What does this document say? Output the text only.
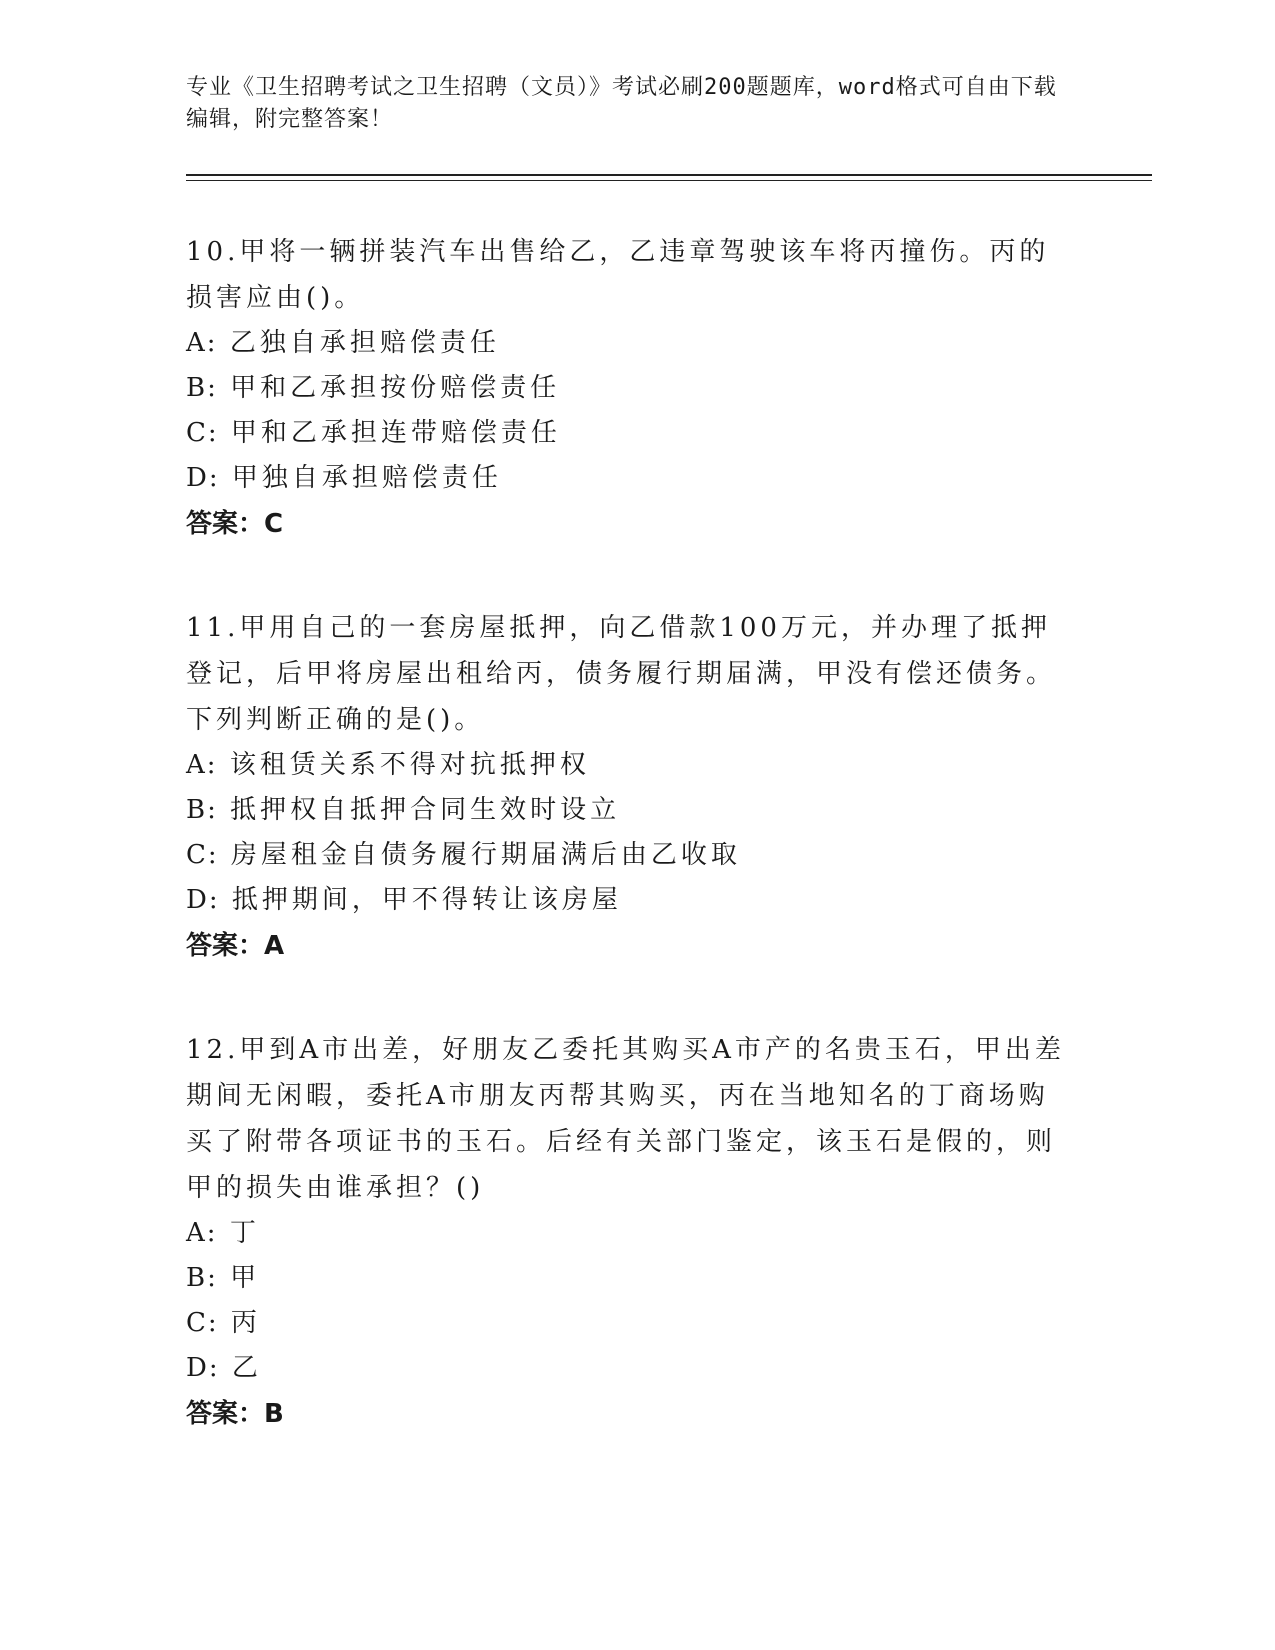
专业《卫生招聘考试之卫生招聘（文员）》考试必刷200题题库，word格式可自由下载编辑，附完整答案！

10.甲将一辆拼装汽车出售给乙，乙违章驾驶该车将丙撞伤。丙的损害应由()。

A: 乙独自承担赔偿责任

B: 甲和乙承担按份赔偿责任

C: 甲和乙承担连带赔偿责任

D: 甲独自承担赔偿责任

答案：C

11.甲用自己的一套房屋抵押，向乙借款100万元，并办理了抵押登记，后甲将房屋出租给丙，债务履行期届满，甲没有偿还债务。下列判断正确的是()。

A: 该租赁关系不得对抗抵押权

B: 抵押权自抵押合同生效时设立

C: 房屋租金自债务履行期届满后由乙收取

D: 抵押期间，甲不得转让该房屋

答案：A

12.甲到A市出差，好朋友乙委托其购买A市产的名贵玉石，甲出差期间无闲暇，委托A市朋友丙帮其购买，丙在当地知名的丁商场购买了附带各项证书的玉石。后经有关部门鉴定，该玉石是假的，则甲的损失由谁承担？()

A: 丁

B: 甲

C: 丙

D: 乙

答案：B
